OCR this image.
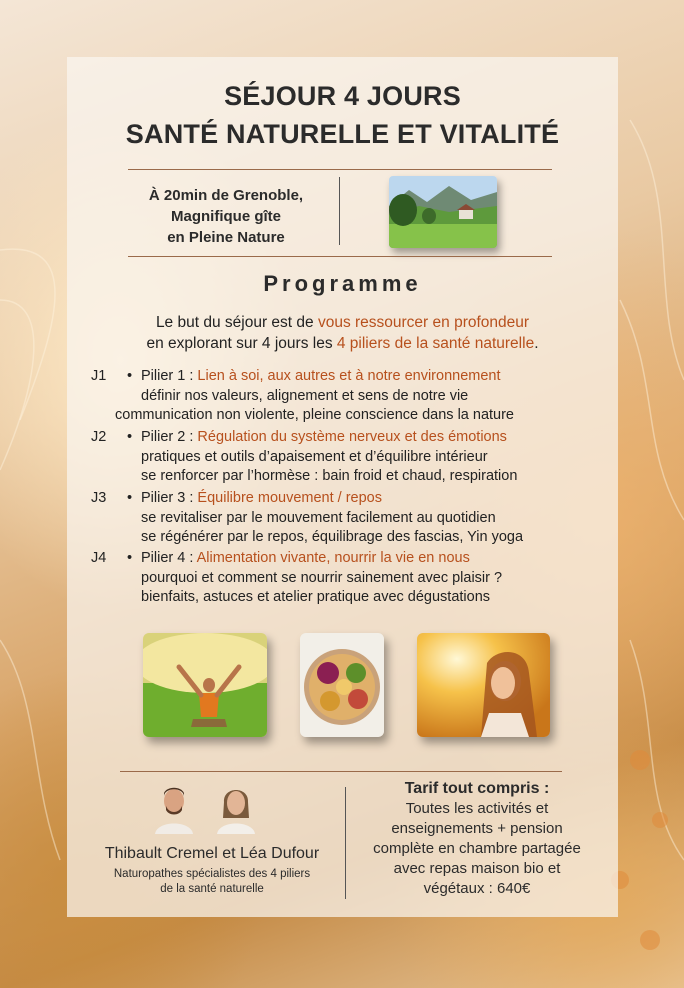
SÉJOUR 4 JOURS
SANTÉ NATURELLE ET VITALITÉ
À 20min de Grenoble,
Magnifique gîte
en Pleine Nature
Programme
Le but du séjour est de vous ressourcer en profondeur
en explorant sur 4 jours les 4 piliers de la santé naturelle.
J1 • Pilier 1 : Lien à soi, aux autres et à notre environnement
définir nos valeurs, alignement et sens de notre vie
communication non violente, pleine conscience dans la nature
J2 • Pilier 2 : Régulation du système nerveux et des émotions
pratiques et outils d’apaisement et d’équilibre intérieur
se renforcer par l’hormèse : bain froid et chaud, respiration
J3 • Pilier 3 : Équilibre mouvement / repos
se revitaliser par le mouvement facilement au quotidien
se régénérer par le repos, équilibrage des fascias, Yin yoga
J4 • Pilier 4 : Alimentation vivante, nourrir la vie en nous
pourquoi et comment se nourrir sainement avec plaisir ?
bienfaits, astuces et atelier pratique avec dégustations
Thibault Cremel et Léa Dufour
Naturopathes spécialistes des 4 piliers
de la santé naturelle
Tarif tout compris :
Toutes les activités et
enseignements + pension
complète en chambre partagée
avec repas maison bio et
végétaux : 640€
